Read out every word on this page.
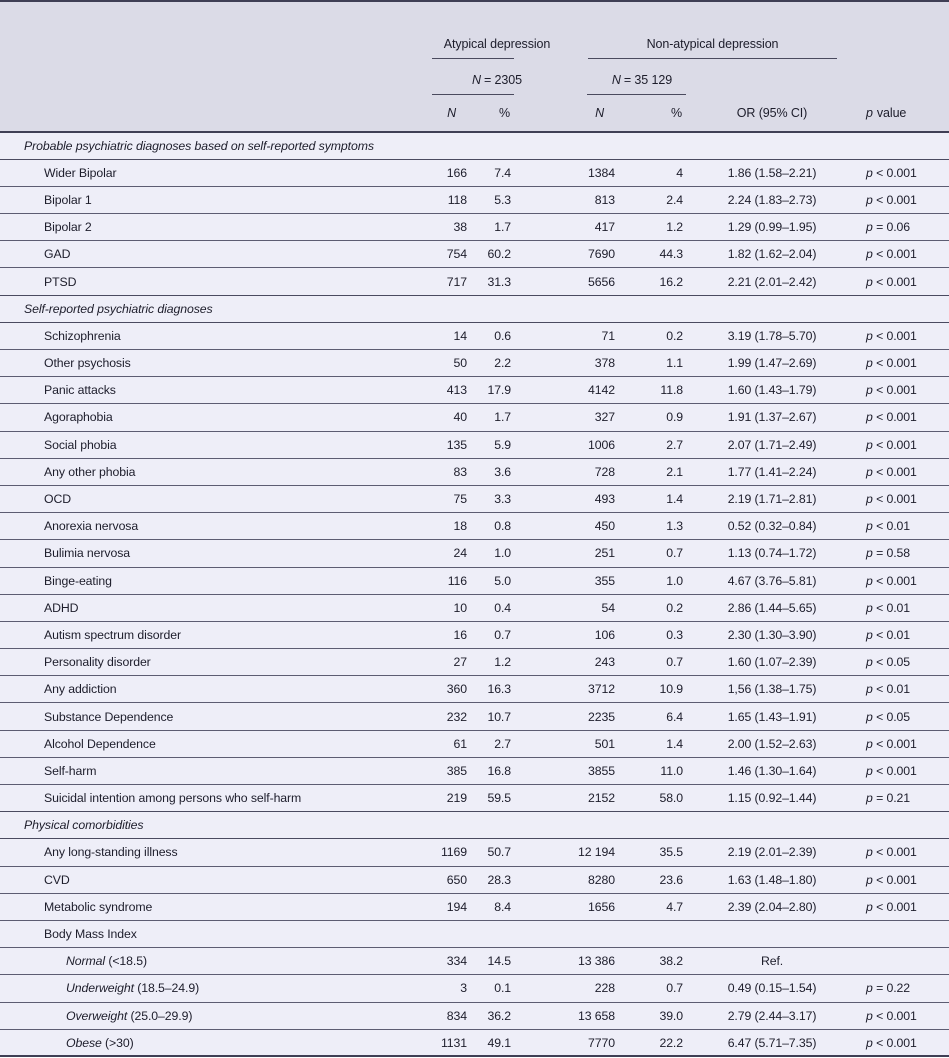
	Atypical depression		Non-atypical depression			

	N = 2305		N = 35 129			

	N	%	N	%	OR (95% CI)	p value
Probable psychiatric diagnoses based on self-reported symptoms						
Wider Bipolar	166	7.4	1384	4	1.86 (1.58–2.21)	p < 0.001
Bipolar 1	118	5.3	813	2.4	2.24 (1.83–2.73)	p < 0.001
Bipolar 2	38	1.7	417	1.2	1.29 (0.99–1.95)	p = 0.06
GAD	754	60.2	7690	44.3	1.82 (1.62–2.04)	p < 0.001
PTSD	717	31.3	5656	16.2	2.21 (2.01–2.42)	p < 0.001
Self-reported psychiatric diagnoses						
Schizophrenia	14	0.6	71	0.2	3.19 (1.78–5.70)	p < 0.001
Other psychosis	50	2.2	378	1.1	1.99 (1.47–2.69)	p < 0.001
Panic attacks	413	17.9	4142	11.8	1.60 (1.43–1.79)	p < 0.001
Agoraphobia	40	1.7	327	0.9	1.91 (1.37–2.67)	p < 0.001
Social phobia	135	5.9	1006	2.7	2.07 (1.71–2.49)	p < 0.001
Any other phobia	83	3.6	728	2.1	1.77 (1.41–2.24)	p < 0.001
OCD	75	3.3	493	1.4	2.19 (1.71–2.81)	p < 0.001
Anorexia nervosa	18	0.8	450	1.3	0.52 (0.32–0.84)	p < 0.01
Bulimia nervosa	24	1.0	251	0.7	1.13 (0.74–1.72)	p = 0.58
Binge-eating	116	5.0	355	1.0	4.67 (3.76–5.81)	p < 0.001
ADHD	10	0.4	54	0.2	2.86 (1.44–5.65)	p < 0.01
Autism spectrum disorder	16	0.7	106	0.3	2.30 (1.30–3.90)	p < 0.01
Personality disorder	27	1.2	243	0.7	1.60 (1.07–2.39)	p < 0.05
Any addiction	360	16.3	3712	10.9	1,56 (1.38–1.75)	p < 0.01
Substance Dependence	232	10.7	2235	6.4	1.65 (1.43–1.91)	p < 0.05
Alcohol Dependence	61	2.7	501	1.4	2.00 (1.52–2.63)	p < 0.001
Self-harm	385	16.8	3855	11.0	1.46 (1.30–1.64)	p < 0.001
Suicidal intention among persons who self-harm	219	59.5	2152	58.0	1.15 (0.92–1.44)	p = 0.21
Physical comorbidities						
Any long-standing illness	1169	50.7	12 194	35.5	2.19 (2.01–2.39)	p < 0.001
CVD	650	28.3	8280	23.6	1.63 (1.48–1.80)	p < 0.001
Metabolic syndrome	194	8.4	1656	4.7	2.39 (2.04–2.80)	p < 0.001
Body Mass Index						
Normal (<18.5)	334	14.5	13 386	38.2	Ref.	
Underweight (18.5–24.9)	3	0.1	228	0.7	0.49 (0.15–1.54)	p = 0.22
Overweight (25.0–29.9)	834	36.2	13 658	39.0	2.79 (2.44–3.17)	p < 0.001
Obese (>30)	1131	49.1	7770	22.2	6.47 (5.71–7.35)	p < 0.001
